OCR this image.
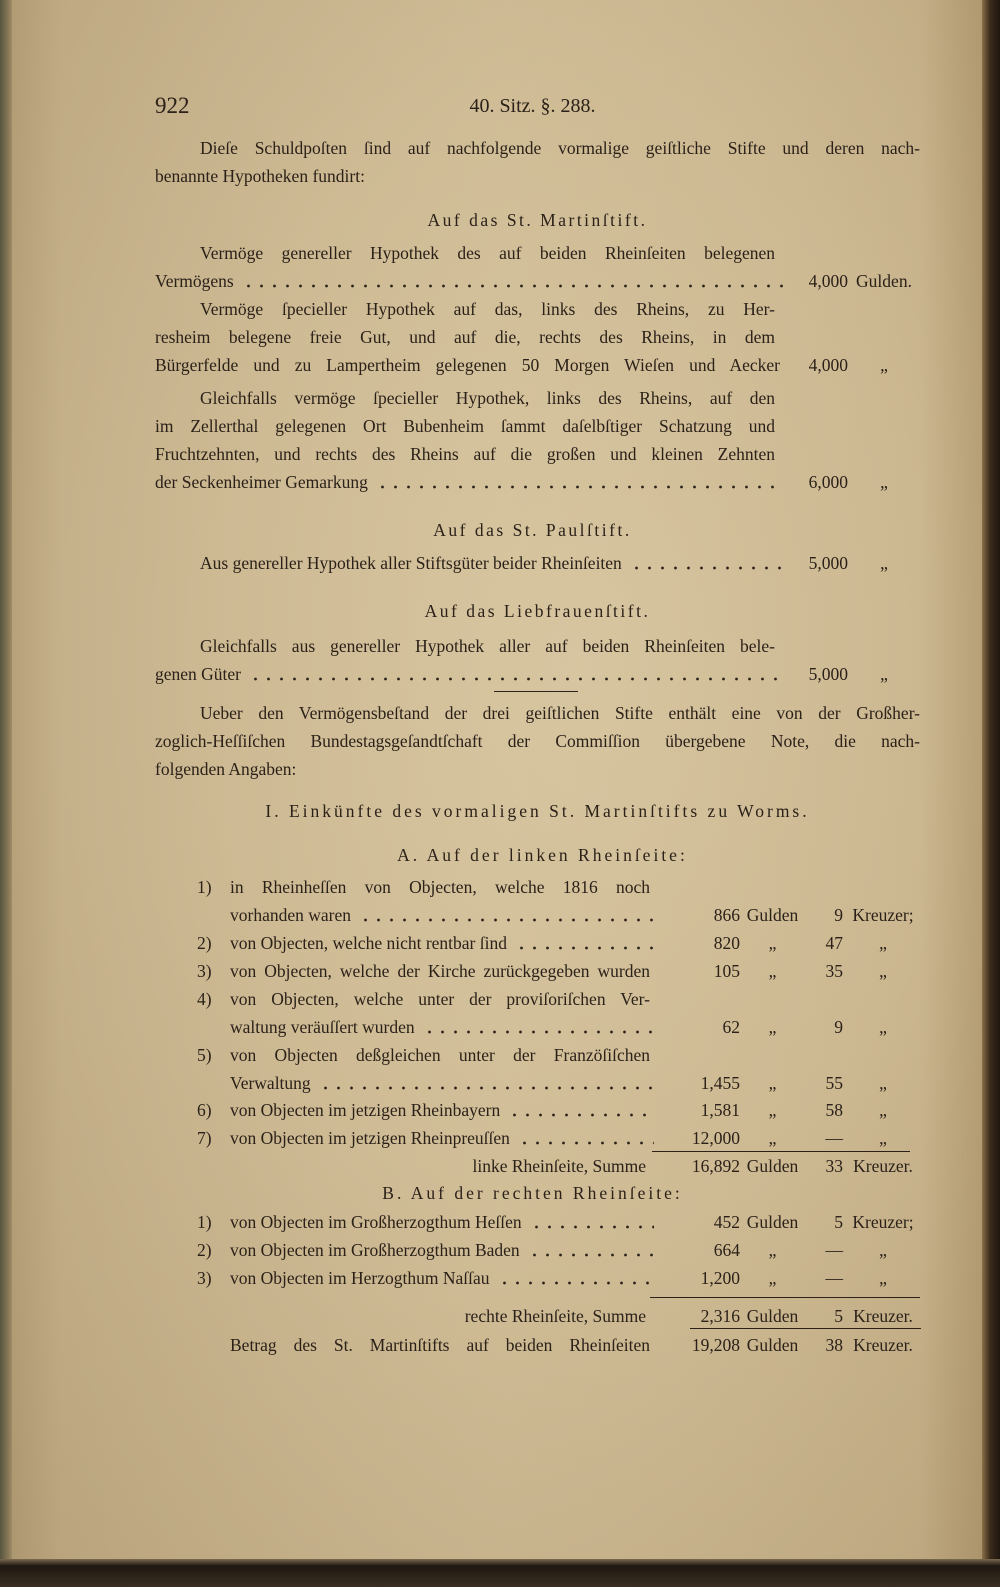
922	40. Sitz. §. 288.
Dieſe Schuldpoſten ſind auf nachfolgende vormalige geiſtliche Stifte und deren nach-
benannte Hypotheken fundirt:
Auf das St. Martinſtift.
Vermöge genereller Hypothek des auf beiden Rheinſeiten belegenen
Vermögens	4,000 Gulden.
Vermöge ſpecieller Hypothek auf das, links des Rheins, zu Her-
resheim belegene freie Gut, und auf die, rechts des Rheins, in dem
Bürgerfelde und zu Lampertheim gelegenen 50 Morgen Wieſen und Aecker	4,000	„
Gleichfalls vermöge ſpecieller Hypothek, links des Rheins, auf den
im Zellerthal gelegenen Ort Bubenheim ſammt daſelbſtiger Schatzung und
Fruchtzehnten, und rechts des Rheins auf die großen und kleinen Zehnten
der Seckenheimer Gemarkung	6,000	„
Auf das St. Paulſtift.
Aus genereller Hypothek aller Stiftsgüter beider Rheinſeiten	5,000	„
Auf das Liebfrauenſtift.
Gleichfalls aus genereller Hypothek aller auf beiden Rheinſeiten bele-
genen Güter	5,000	„
Ueber den Vermögensbeſtand der drei geiſtlichen Stifte enthält eine von der Großher-
zoglich-Heſſiſchen Bundestagsgeſandtſchaft der Commiſſion übergebene Note, die nach-
folgenden Angaben:
I. Einkünfte des vormaligen St. Martinſtifts zu Worms.
A. Auf der linken Rheinſeite:
1)	in Rheinheſſen von Objecten, welche 1816 noch
vorhanden waren	866 Gulden	9 Kreuzer;
2)	von Objecten, welche nicht rentbar ſind	820	„	47	„
3)	von Objecten, welche der Kirche zurückgegeben wurden	105	„	35	„
4)	von Objecten, welche unter der proviſoriſchen Ver-
waltung veräuſſert wurden	62	„	9	„
5)	von Objecten deßgleichen unter der Franzöſiſchen
Verwaltung	1,455	„	55	„
6)	von Objecten im jetzigen Rheinbayern	1,581	„	58	„
7)	von Objecten im jetzigen Rheinpreuſſen	12,000	„	—	„
linke Rheinſeite, Summe	16,892 Gulden	33 Kreuzer.
B. Auf der rechten Rheinſeite:
1)	von Objecten im Großherzogthum Heſſen	452 Gulden	5 Kreuzer;
2)	von Objecten im Großherzogthum Baden	664	„	—	„
3)	von Objecten im Herzogthum Naſſau	1,200	„	—	„
rechte Rheinſeite, Summe	2,316 Gulden	5 Kreuzer.
Betrag des St. Martinſtifts auf beiden Rheinſeiten	19,208 Gulden	38 Kreuzer.
